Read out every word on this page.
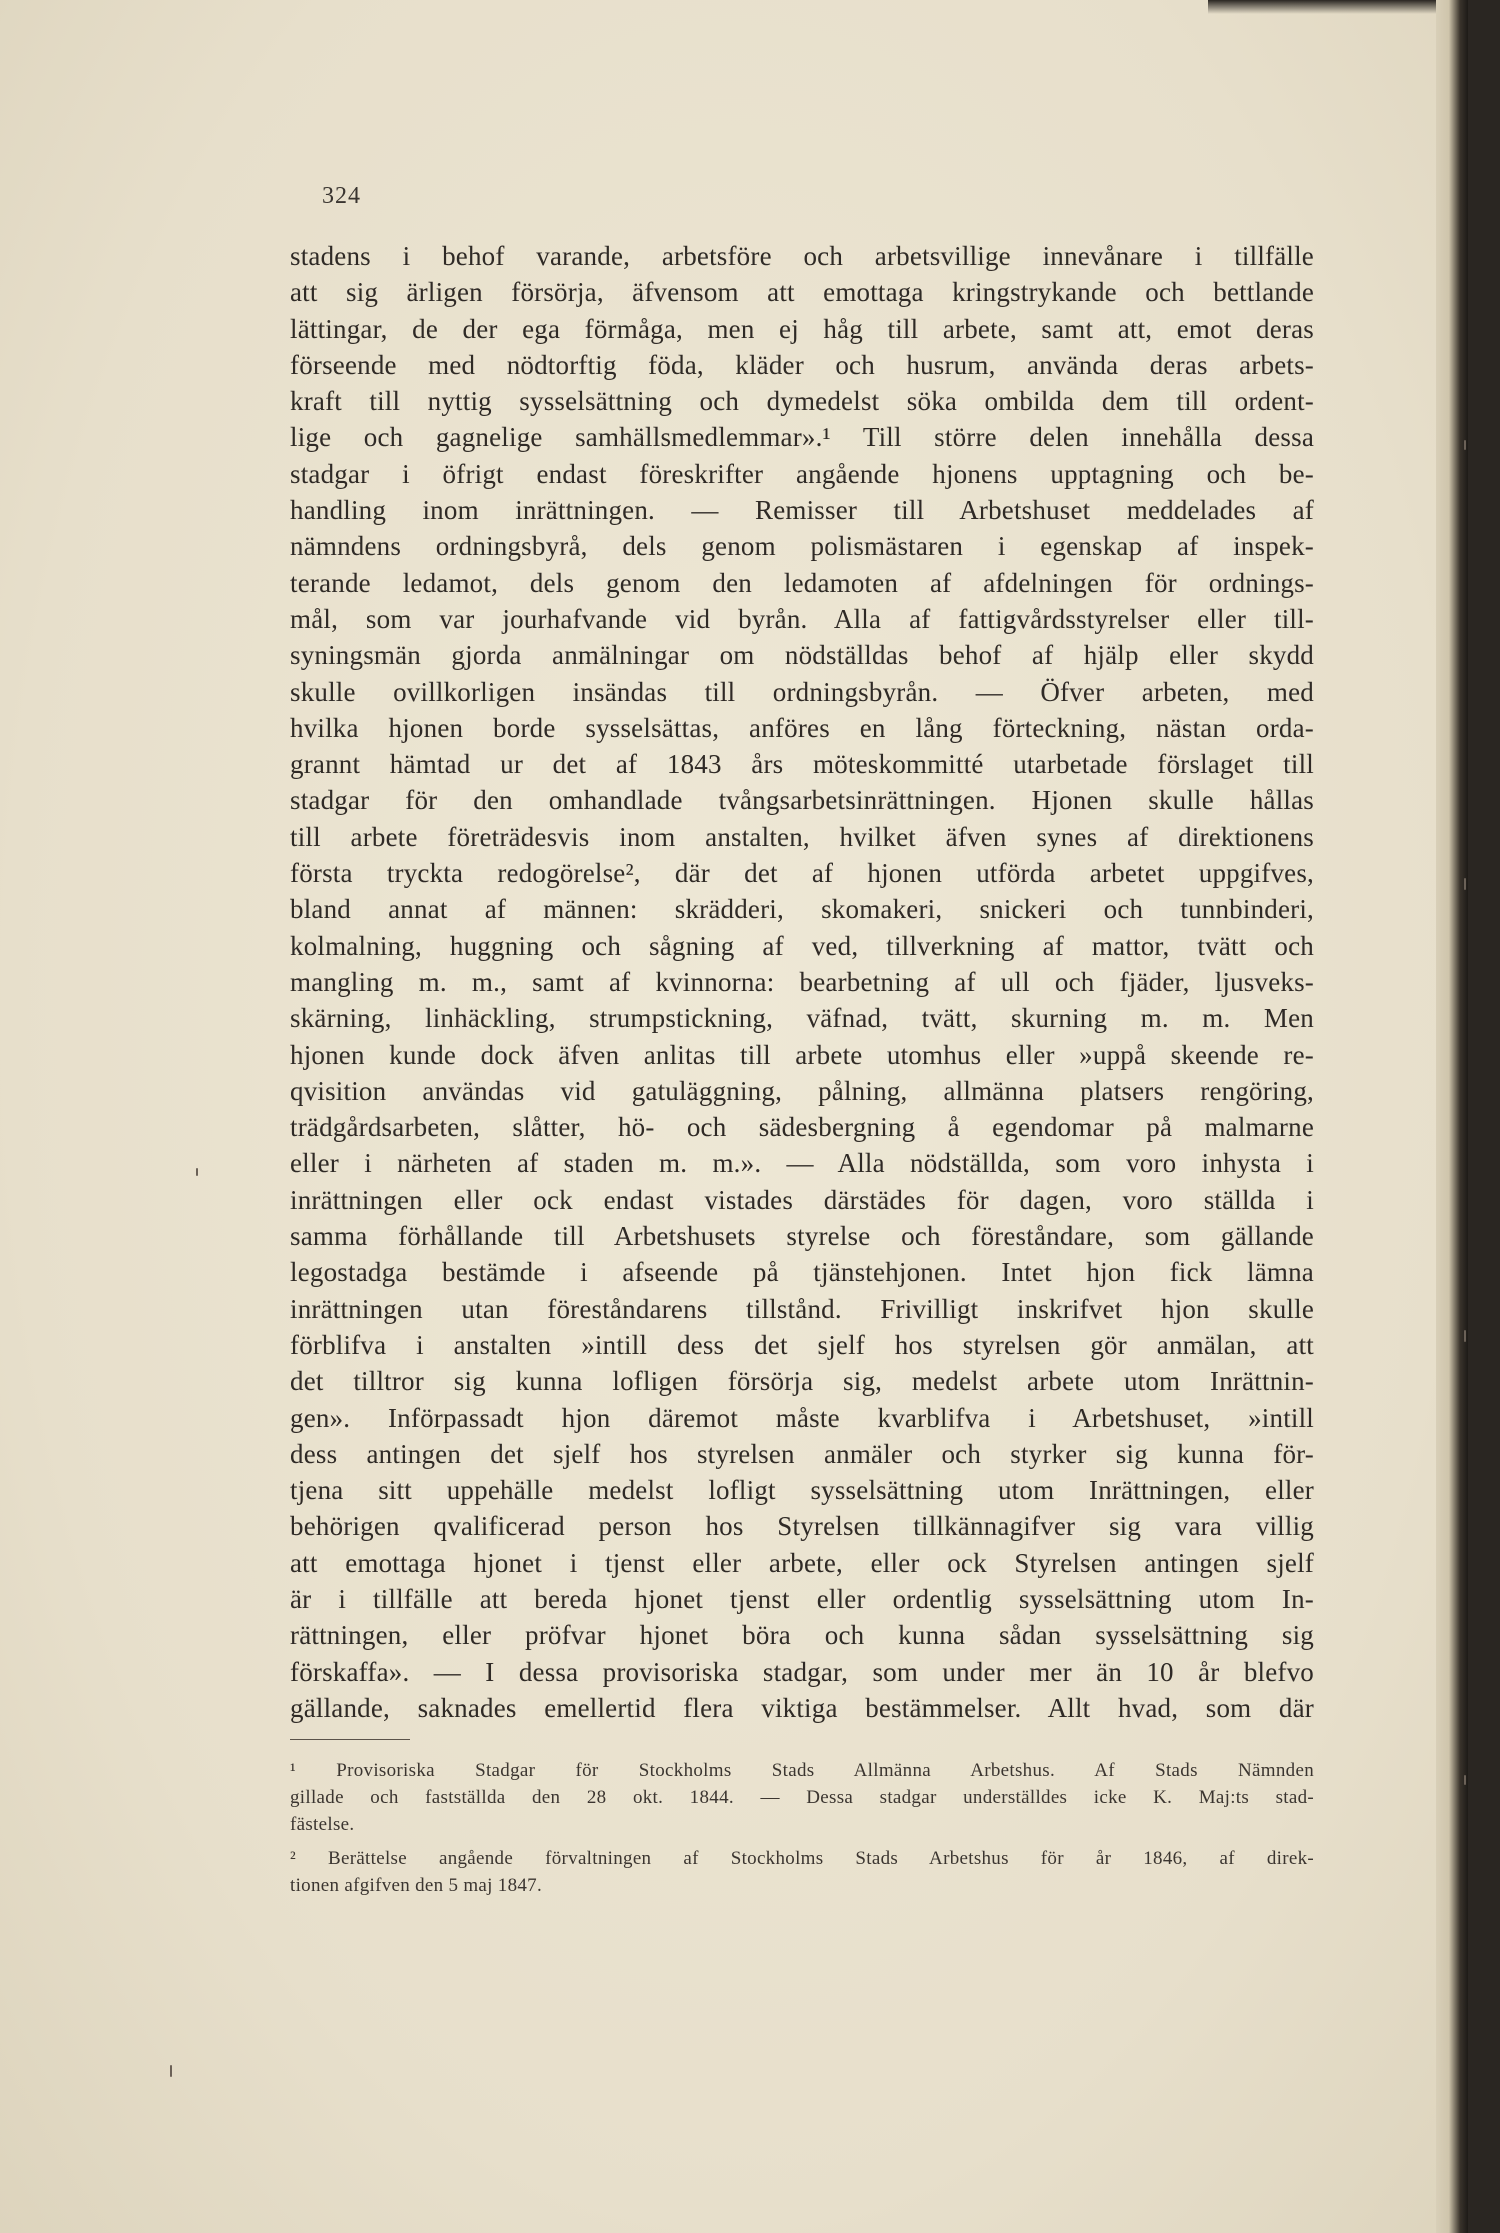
324
stadens i behof varande, arbetsföre och arbetsvillige innevånare i tillfälle
att sig ärligen försörja, äfvensom att emottaga kringstrykande och bettlande
lättingar, de der ega förmåga, men ej håg till arbete, samt att, emot deras
förseende med nödtorftig föda, kläder och husrum, använda deras arbets-
kraft till nyttig sysselsättning och dymedelst söka ombilda dem till ordent-
lige och gagnelige samhällsmedlemmar».¹ Till större delen innehålla dessa
stadgar i öfrigt endast föreskrifter angående hjonens upptagning och be-
handling inom inrättningen. — Remisser till Arbetshuset meddelades af
nämndens ordningsbyrå, dels genom polismästaren i egenskap af inspek-
terande ledamot, dels genom den ledamoten af afdelningen för ordnings-
mål, som var jourhafvande vid byrån. Alla af fattigvårdsstyrelser eller till-
syningsmän gjorda anmälningar om nödställdas behof af hjälp eller skydd
skulle ovillkorligen insändas till ordningsbyrån. — Öfver arbeten, med
hvilka hjonen borde sysselsättas, anföres en lång förteckning, nästan orda-
grannt hämtad ur det af 1843 års möteskommitté utarbetade förslaget till
stadgar för den omhandlade tvångsarbetsinrättningen. Hjonen skulle hållas
till arbete företrädesvis inom anstalten, hvilket äfven synes af direktionens
första tryckta redogörelse², där det af hjonen utförda arbetet uppgifves,
bland annat af männen: skrädderi, skomakeri, snickeri och tunnbinderi,
kolmalning, huggning och sågning af ved, tillverkning af mattor, tvätt och
mangling m. m., samt af kvinnorna: bearbetning af ull och fjäder, ljusveks-
skärning, linhäckling, strumpstickning, väfnad, tvätt, skurning m. m. Men
hjonen kunde dock äfven anlitas till arbete utomhus eller »uppå skeende re-
qvisition användas vid gatuläggning, pålning, allmänna platsers rengöring,
trädgårdsarbeten, slåtter, hö- och sädesbergning å egendomar på malmarne
eller i närheten af staden m. m.». — Alla nödställda, som voro inhysta i
inrättningen eller ock endast vistades därstädes för dagen, voro ställda i
samma förhållande till Arbetshusets styrelse och föreståndare, som gällande
legostadga bestämde i afseende på tjänstehjonen. Intet hjon fick lämna
inrättningen utan föreståndarens tillstånd. Frivilligt inskrifvet hjon skulle
förblifva i anstalten »intill dess det sjelf hos styrelsen gör anmälan, att
det tilltror sig kunna lofligen försörja sig, medelst arbete utom Inrättnin-
gen». Införpassadt hjon däremot måste kvarblifva i Arbetshuset, »intill
dess antingen det sjelf hos styrelsen anmäler och styrker sig kunna för-
tjena sitt uppehälle medelst lofligt sysselsättning utom Inrättningen, eller
behörigen qvalificerad person hos Styrelsen tillkännagifver sig vara villig
att emottaga hjonet i tjenst eller arbete, eller ock Styrelsen antingen sjelf
är i tillfälle att bereda hjonet tjenst eller ordentlig sysselsättning utom In-
rättningen, eller pröfvar hjonet böra och kunna sådan sysselsättning sig
förskaffa». — I dessa provisoriska stadgar, som under mer än 10 år blefvo
gällande, saknades emellertid flera viktiga bestämmelser. Allt hvad, som där
¹ Provisoriska Stadgar för Stockholms Stads Allmänna Arbetshus. Af Stads Nämnden
gillade och fastställda den 28 okt. 1844. — Dessa stadgar underställdes icke K. Maj:ts stad-
fästelse.
² Berättelse angående förvaltningen af Stockholms Stads Arbetshus för år 1846, af direk-
tionen afgifven den 5 maj 1847.
